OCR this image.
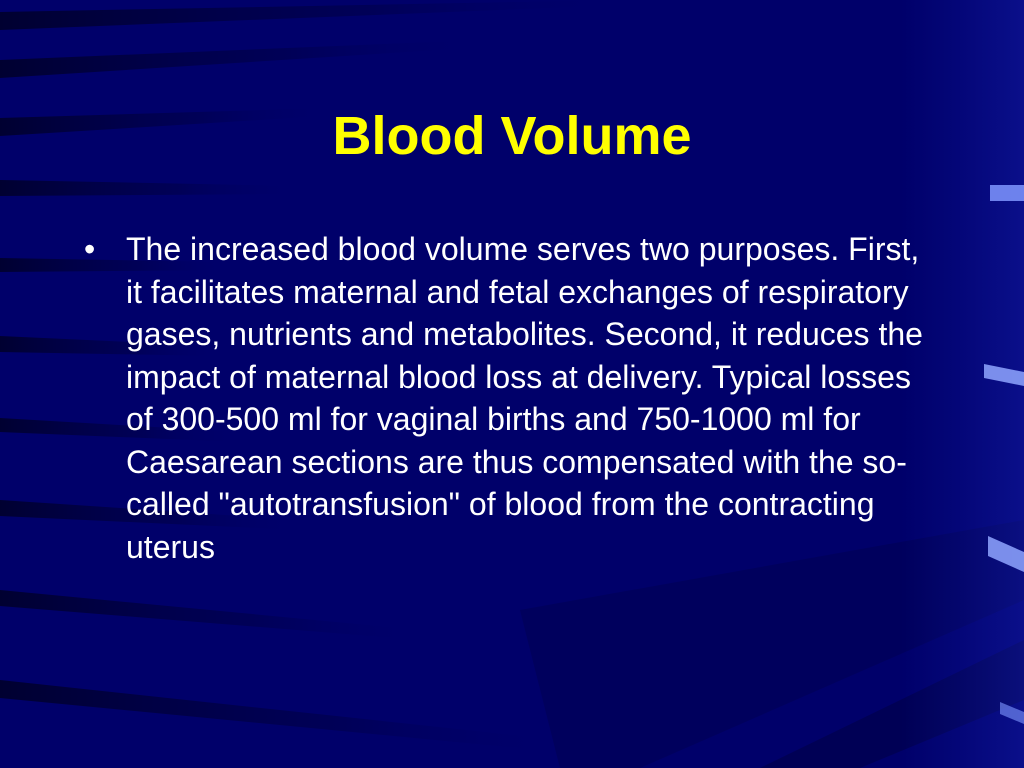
Blood Volume
• The increased blood volume serves two purposes. First, it facilitates maternal and fetal exchanges of respiratory gases, nutrients and metabolites. Second, it reduces the impact of maternal blood loss at delivery. Typical losses of 300-500 ml for vaginal births and 750-1000 ml for Caesarean sections are thus compensated with the so-called "autotransfusion" of blood from the contracting uterus
